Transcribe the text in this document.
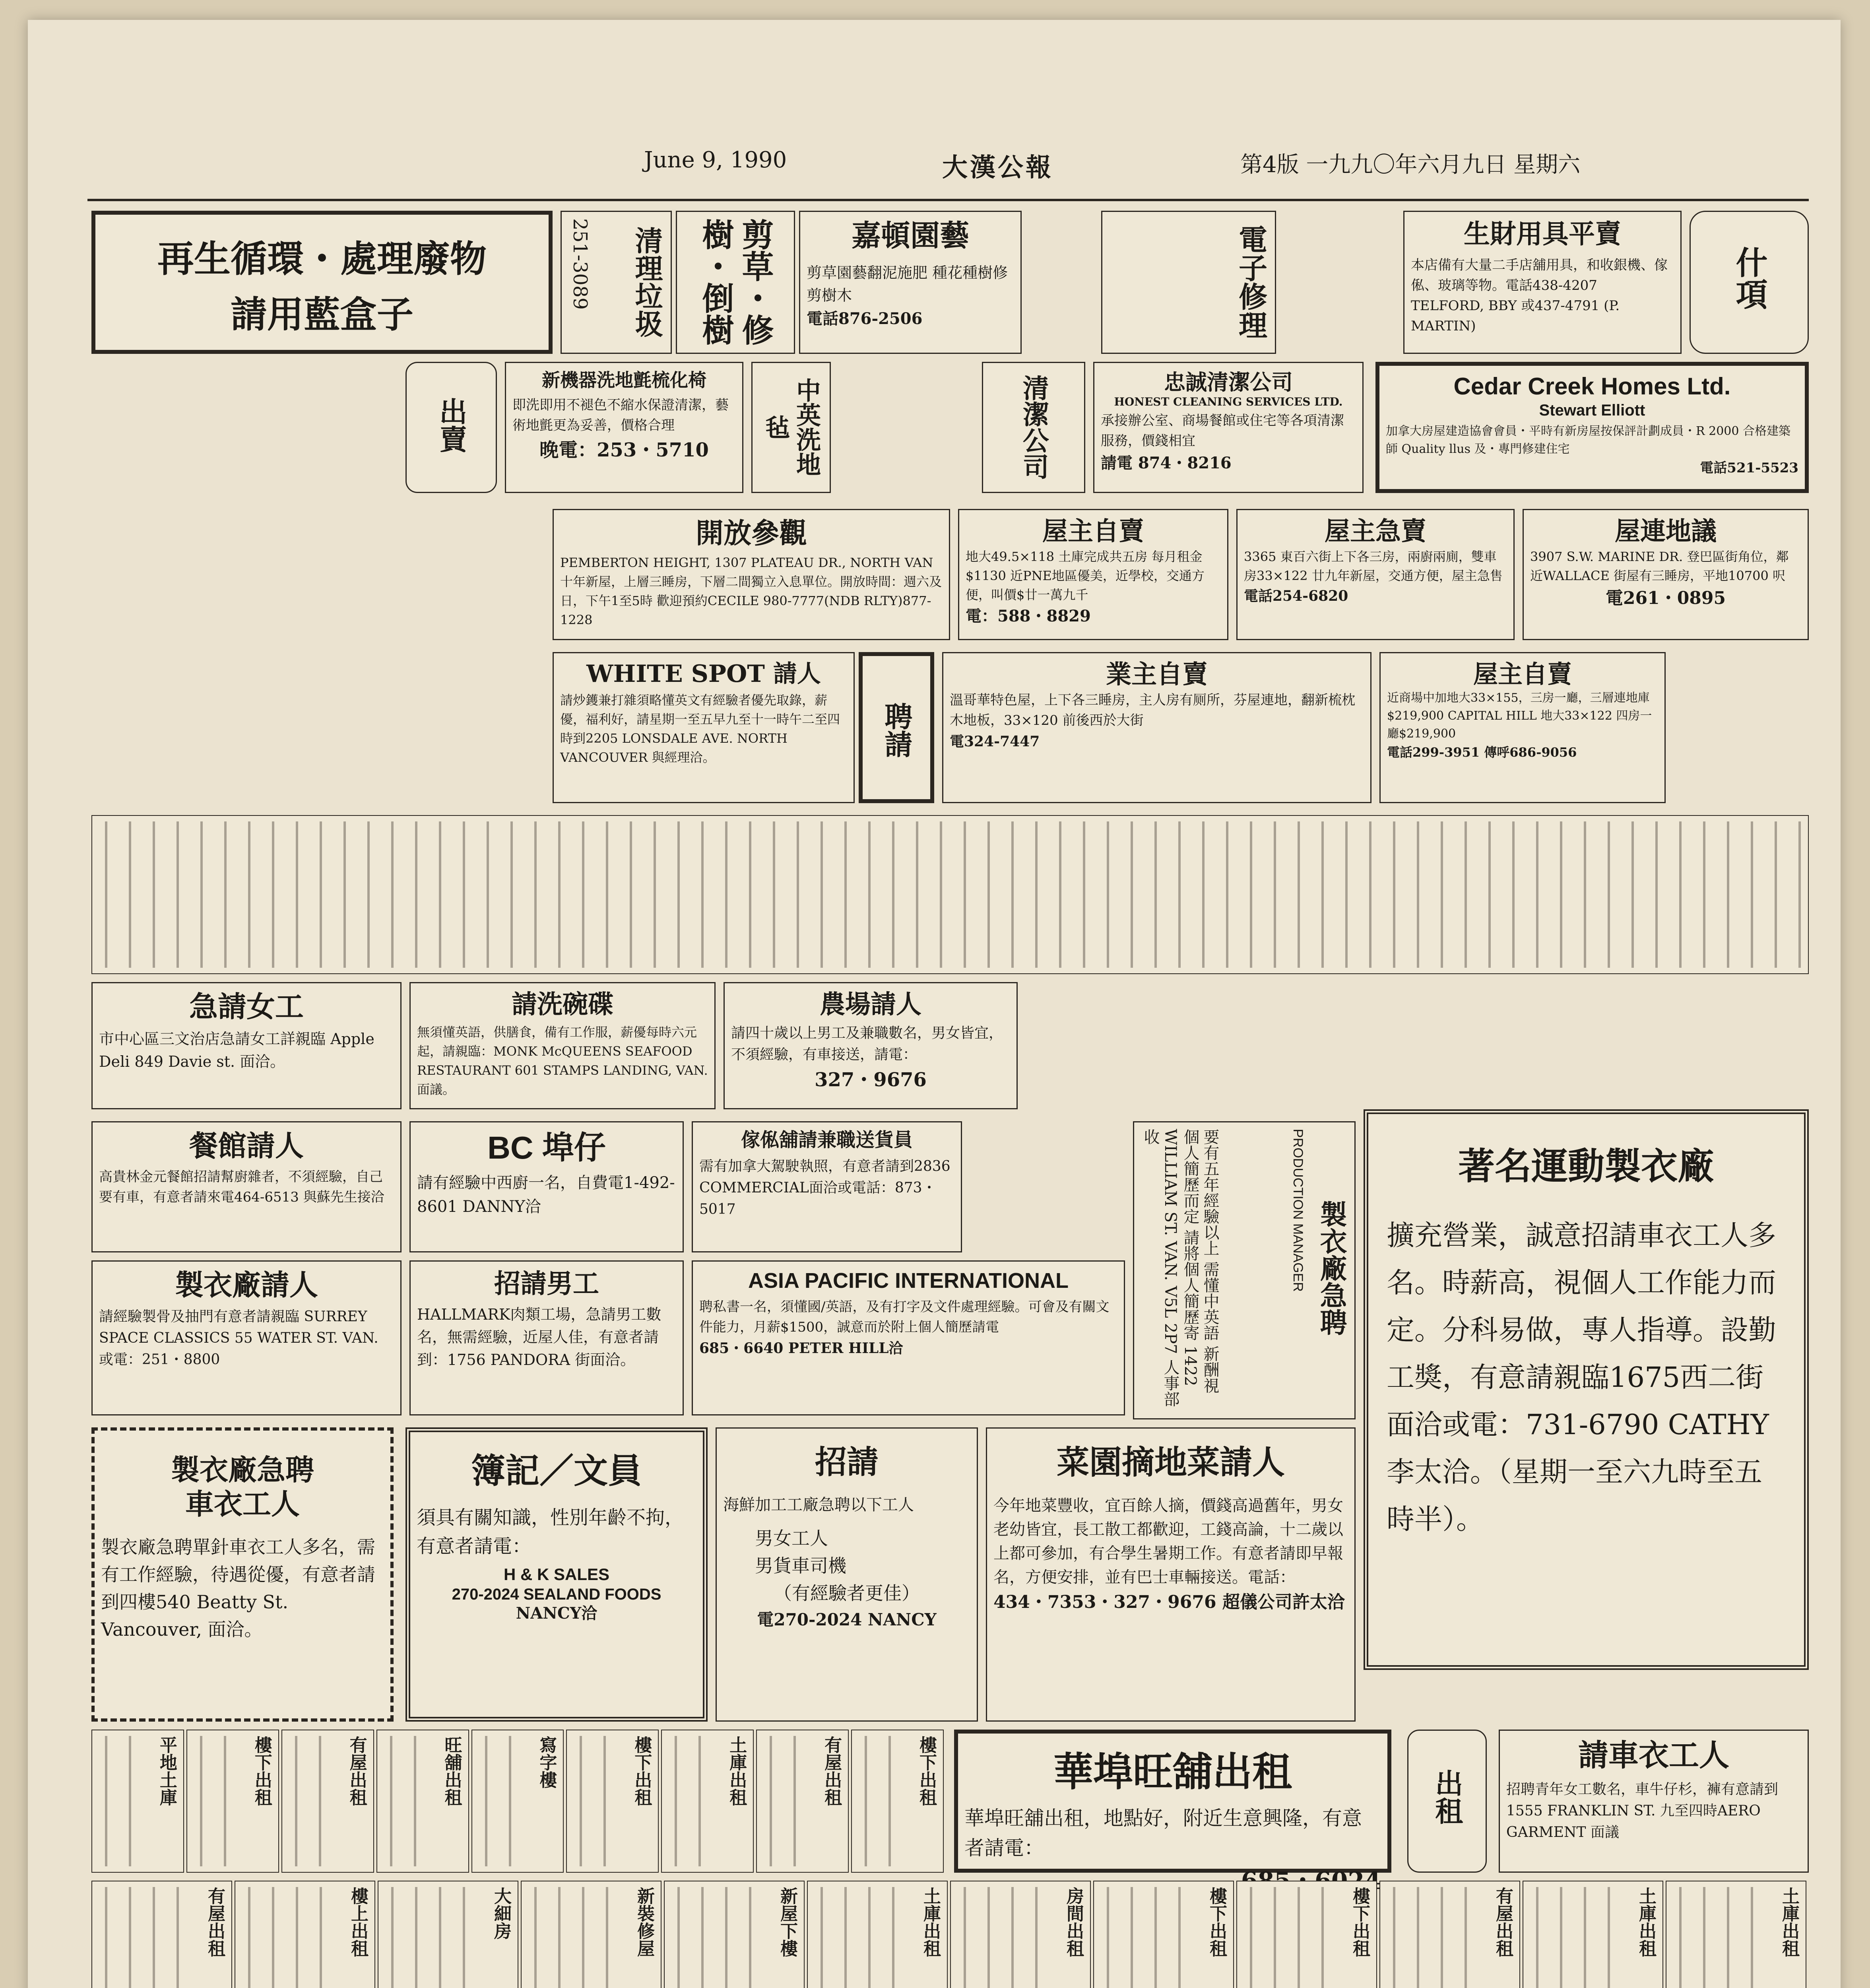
June 9, 1990	大漢公報	第4版 一九九〇年六月九日 星期六
再生循環・處理廢物
請用藍盒子	清理垃圾
251-3089	剪草・修樹・倒樹	嘉頓園藝
剪草園藝翻泥施肥 種花種樹修剪樹木
電話876-2506	電子修理	生財用具平賣
本店備有大量二手店舖用具，和收銀機、傢俬、玻璃等物。電話438-4207 TELFORD, BBY 或437-4791 (P. MARTIN)
什項
出賣
新機器洗地氈梳化椅
即洗即用不褪色不縮水保證清潔，藝術地氈更為妥善，價格合理
晚電：253・5710	中英洗地毡	清潔公司	忠誠清潔公司
HONEST CLEANING SERVICES LTD.
承接辦公室、商場餐館或住宅等各項清潔服務，價錢相宜
請電 874・8216
Cedar Creek Homes Ltd.
Stewart Elliott
加拿大房屋建造協會會員・平時有新房屋按保評計劃成員・R 2000 合格建築師 Quality llus 及・專門修建住宅
電話521-5523
開放參觀
PEMBERTON HEIGHT, 1307 PLATEAU DR., NORTH VAN 十年新屋，上層三睡房，下層二間獨立入息單位。開放時間：週六及日，下午1至5時 歡迎預約CECILE 980-7777(NDB RLTY)877-1228
屋主自賣
地大49.5×118 土庫完成共五房 每月租金$1130 近PNE地區優美，近學校，交通方便，叫價$廿一萬九千
電：588・8829
屋主急賣
3365 東百六街上下各三房，兩廚兩廁，雙車房33×122 廿九年新屋，交通方便，屋主急售
電話254-6820
屋連地議
3907 S.W. MARINE DR. 登巴區街角位，鄰近WALLACE 街屋有三睡房，平地10700 呎
電261・0895
WHITE SPOT 請人
請炒鑊兼打雜須略懂英文有經驗者優先取錄，薪優，福利好，請星期一至五早九至十一時午二至四時到2205 LONSDALE AVE. NORTH VANCOUVER 與經理洽。	聘請
業主自賣
溫哥華特色屋，上下各三睡房，主人房有厕所，芬屋連地，翻新梳枕木地板，33×120 前後西於大街
電324-7447
屋主自賣
近商場中加地大33×155，三房一廳，三層連地庫$219,900 CAPITAL HILL 地大33×122 四房一廳$219,900
電話299-3951 傳呼686-9056
急請女工
市中心區三文治店急請女工詳親臨 Apple Deli 849 Davie st. 面洽。
請洗碗碟
無須懂英語，供膳食，備有工作服，薪優每時六元起，請親臨：MONK McQUEENS SEAFOOD RESTAURANT 601 STAMPS LANDING, VAN. 面議。
農場請人
請四十歲以上男工及兼職數名，男女皆宜，不須經驗，有車接送，請電：
327・9676
著名運動製衣廠
擴充營業，誠意招請車衣工人多名。時薪高，視個人工作能力而定。分科易做，專人指導。設勤工獎，有意請親臨1675西二街面洽或電：731-6790 CATHY 李太洽。（星期一至六九時至五時半）。
餐館請人
高貴林金元餐館招請幫廚雜者，不須經驗，自己要有車，有意者請來電464-6513 與蘇先生接洽
BC 埠仔
請有經驗中西廚一名，自費電1-492-8601 DANNY洽
傢俬舖請兼職送貨員
需有加拿大駕駛執照，有意者請到2836 COMMERCIAL面洽或電話：873・5017	製衣廠急聘
PRODUCTION MANAGER
要有五年經驗以上 需懂中英語 新酬視個人簡歷而定 請將個人簡歷寄 1422 WILLIAM ST. VAN. V5L 2P7 人事部收
製衣廠請人
請經驗製骨及抽門有意者請親臨 SURREY SPACE CLASSICS 55 WATER ST. VAN. 或電：251・8800
招請男工
HALLMARK肉類工場，急請男工數名，無需經驗，近屋人佳，有意者請到：1756 PANDORA 街面洽。
ASIA PACIFIC INTERNATIONAL
聘私書一名，須懂國/英語，及有打字及文件處理經驗。可會及有關文件能力，月薪$1500，誠意而於附上個人簡歷請電
685・6640 PETER HILL洽
製衣廠急聘
車衣工人
製衣廠急聘單針車衣工人多名，需有工作經驗，待遇從優，有意者請到四樓540 Beatty St. Vancouver, 面洽。
簿記／文員
須具有關知識，性別年齡不拘，有意者請電：
H & K SALES
270-2024 SEALAND FOODS
NANCY洽
招請
海鮮加工工廠急聘以下工人
男女工人
男貨車司機
（有經驗者更佳）
電270-2024 NANCY
菜園摘地菜請人
今年地菜豐收，宜百餘人摘，價錢高過舊年，男女老幼皆宜，長工散工都歡迎，工錢高論，十二歲以上都可參加，有合學生暑期工作。有意者請即早報名，方便安排，並有巴士車輛接送。電話：
434・7353・327・9676 超儀公司許太洽
華埠旺舖出租
華埠旺舖出租，地點好，附近生意興隆，有意者請電：
出租
請車衣工人
招聘青年女工數名，車牛仔杉，褲有意請到1555 FRANKLIN ST. 九至四時AERO GARMENT 面議
平地土庫	樓下出租	有屋出租	旺舖出租	寫字樓	樓下出租	土庫出租	有屋出租	樓下出租
有屋出租	樓上出租	大細房	新裝修屋	新屋下樓	土庫出租	房間出租	樓下出租	樓下出租	有屋出租	土庫出租	土庫出租
